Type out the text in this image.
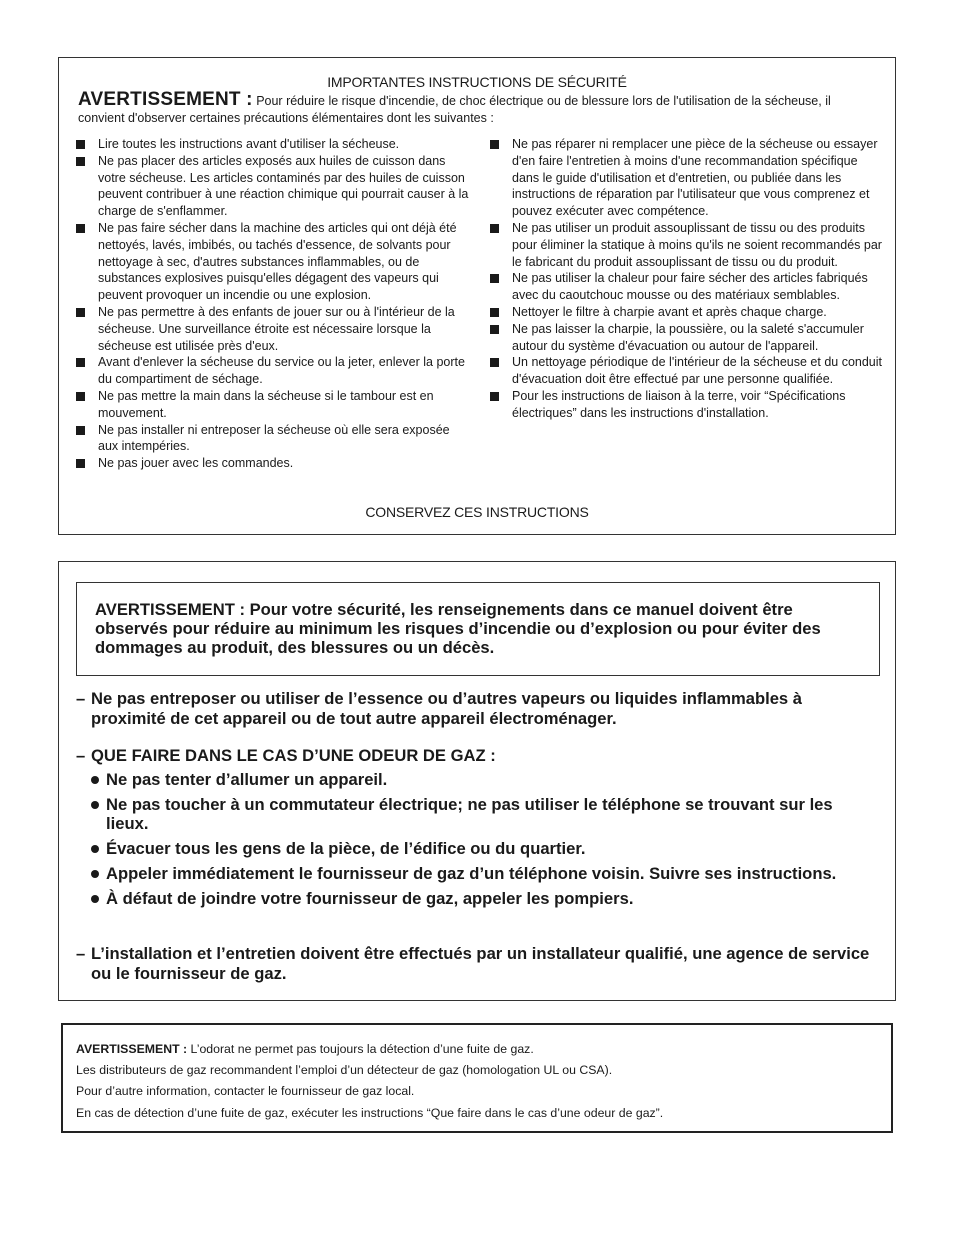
IMPORTANTES INSTRUCTIONS DE SÉCURITÉ
AVERTISSEMENT : Pour réduire le risque d'incendie, de choc électrique ou de blessure lors de l'utilisation de la sécheuse, il convient d'observer certaines précautions élémentaires dont les suivantes :
Lire toutes les instructions avant d'utiliser la sécheuse.
Ne pas placer des articles exposés aux huiles de cuisson dans votre sécheuse. Les articles contaminés par des huiles de cuisson peuvent contribuer à une réaction chimique qui pourrait causer à la charge de s'enflammer.
Ne pas faire sécher dans la machine des articles qui ont déjà été nettoyés, lavés, imbibés, ou tachés d'essence, de solvants pour nettoyage à sec, d'autres substances inflammables, ou de substances explosives puisqu'elles dégagent des vapeurs qui peuvent provoquer un incendie ou une explosion.
Ne pas permettre à des enfants de jouer sur ou à l'intérieur de la sécheuse. Une surveillance étroite est nécessaire lorsque la sécheuse est utilisée près d'eux.
Avant d'enlever la sécheuse du service ou la jeter, enlever la porte du compartiment de séchage.
Ne pas mettre la main dans la sécheuse si le tambour est en mouvement.
Ne pas installer ni entreposer la sécheuse où elle sera exposée aux intempéries.
Ne pas jouer avec les commandes.
Ne pas réparer ni remplacer une pièce de la sécheuse ou essayer d'en faire l'entretien à moins d'une recommandation spécifique dans le guide d'utilisation et d'entretien, ou publiée dans les instructions de réparation par l'utilisateur que vous comprenez et pouvez exécuter avec compétence.
Ne pas utiliser un produit assouplissant de tissu ou des produits pour éliminer la statique à moins qu'ils ne soient recommandés par le fabricant du produit assouplissant de tissu ou du produit.
Ne pas utiliser la chaleur pour faire sécher des articles fabriqués avec du caoutchouc mousse ou des matériaux semblables.
Nettoyer le filtre à charpie avant et après chaque charge.
Ne pas laisser la charpie, la poussière, ou la saleté s'accumuler autour du système d'évacuation ou autour de l'appareil.
Un nettoyage périodique de l'intérieur de la sécheuse et du conduit d'évacuation doit être effectué par une personne qualifiée.
Pour les instructions de liaison à la terre, voir “Spécifications électriques” dans les instructions d'installation.
CONSERVEZ CES INSTRUCTIONS
AVERTISSEMENT : Pour votre sécurité, les renseignements dans ce manuel doivent être observés pour réduire au minimum les risques d’incendie ou d’explosion ou pour éviter des dommages au produit, des blessures ou un décès.
– Ne pas entreposer ou utiliser de l’essence ou d’autres vapeurs ou liquides inflammables à proximité de cet appareil ou de tout autre appareil électroménager.
– QUE FAIRE DANS LE CAS D’UNE ODEUR DE GAZ :
Ne pas tenter d’allumer un appareil.
Ne pas toucher à un commutateur électrique; ne pas utiliser le téléphone se trouvant sur les lieux.
Évacuer tous les gens de la pièce, de l’édifice ou du quartier.
Appeler immédiatement le fournisseur de gaz d’un téléphone voisin. Suivre ses instructions.
À défaut de joindre votre fournisseur de gaz, appeler les pompiers.
– L’installation et l’entretien doivent être effectués par un installateur qualifié, une agence de service ou le fournisseur de gaz.
AVERTISSEMENT : L’odorat ne permet pas toujours la détection d’une fuite de gaz.
Les distributeurs de gaz recommandent l’emploi d’un détecteur de gaz (homologation UL ou CSA).
Pour d’autre information, contacter le fournisseur de gaz local.
En cas de détection d’une fuite de gaz, exécuter les instructions “Que faire dans le cas d’une odeur de gaz”.
